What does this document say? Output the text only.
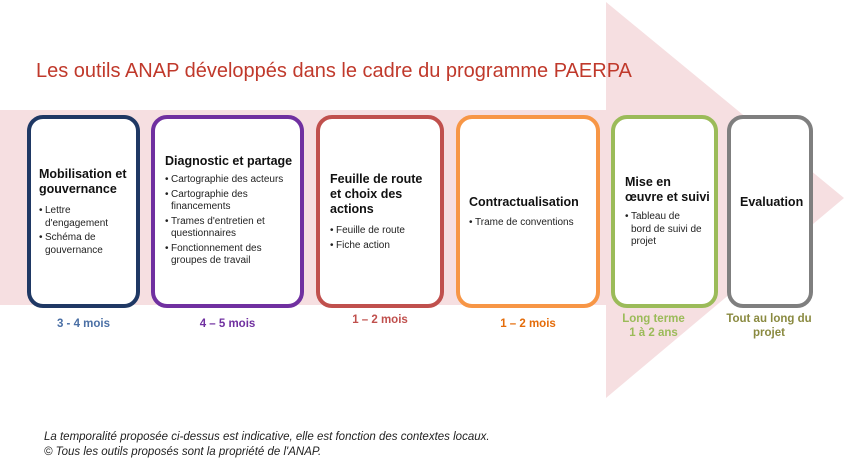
Les outils ANAP développés dans le cadre du programme PAERPA
Mobilisation et
gouvernance
• Lettre
d'engagement
• Schéma de
gouvernance
Diagnostic et partage
• Cartographie des acteurs
• Cartographie des
financements
• Trames d'entretien et
questionnaires
• Fonctionnement des
groupes de travail
Feuille de route
et choix des
actions
• Feuille de route
• Fiche action
Contractualisation
• Trame de conventions
Mise en
œuvre et suivi
• Tableau de
bord de suivi de
projet
Evaluation
3 - 4 mois	4 – 5 mois	1 – 2 mois	1 – 2 mois	Long terme
1 à 2 ans
Tout au long du
projet
La temporalité proposée ci-dessus est indicative, elle est fonction des contextes locaux.
© Tous les outils proposés sont la propriété de l'ANAP.
